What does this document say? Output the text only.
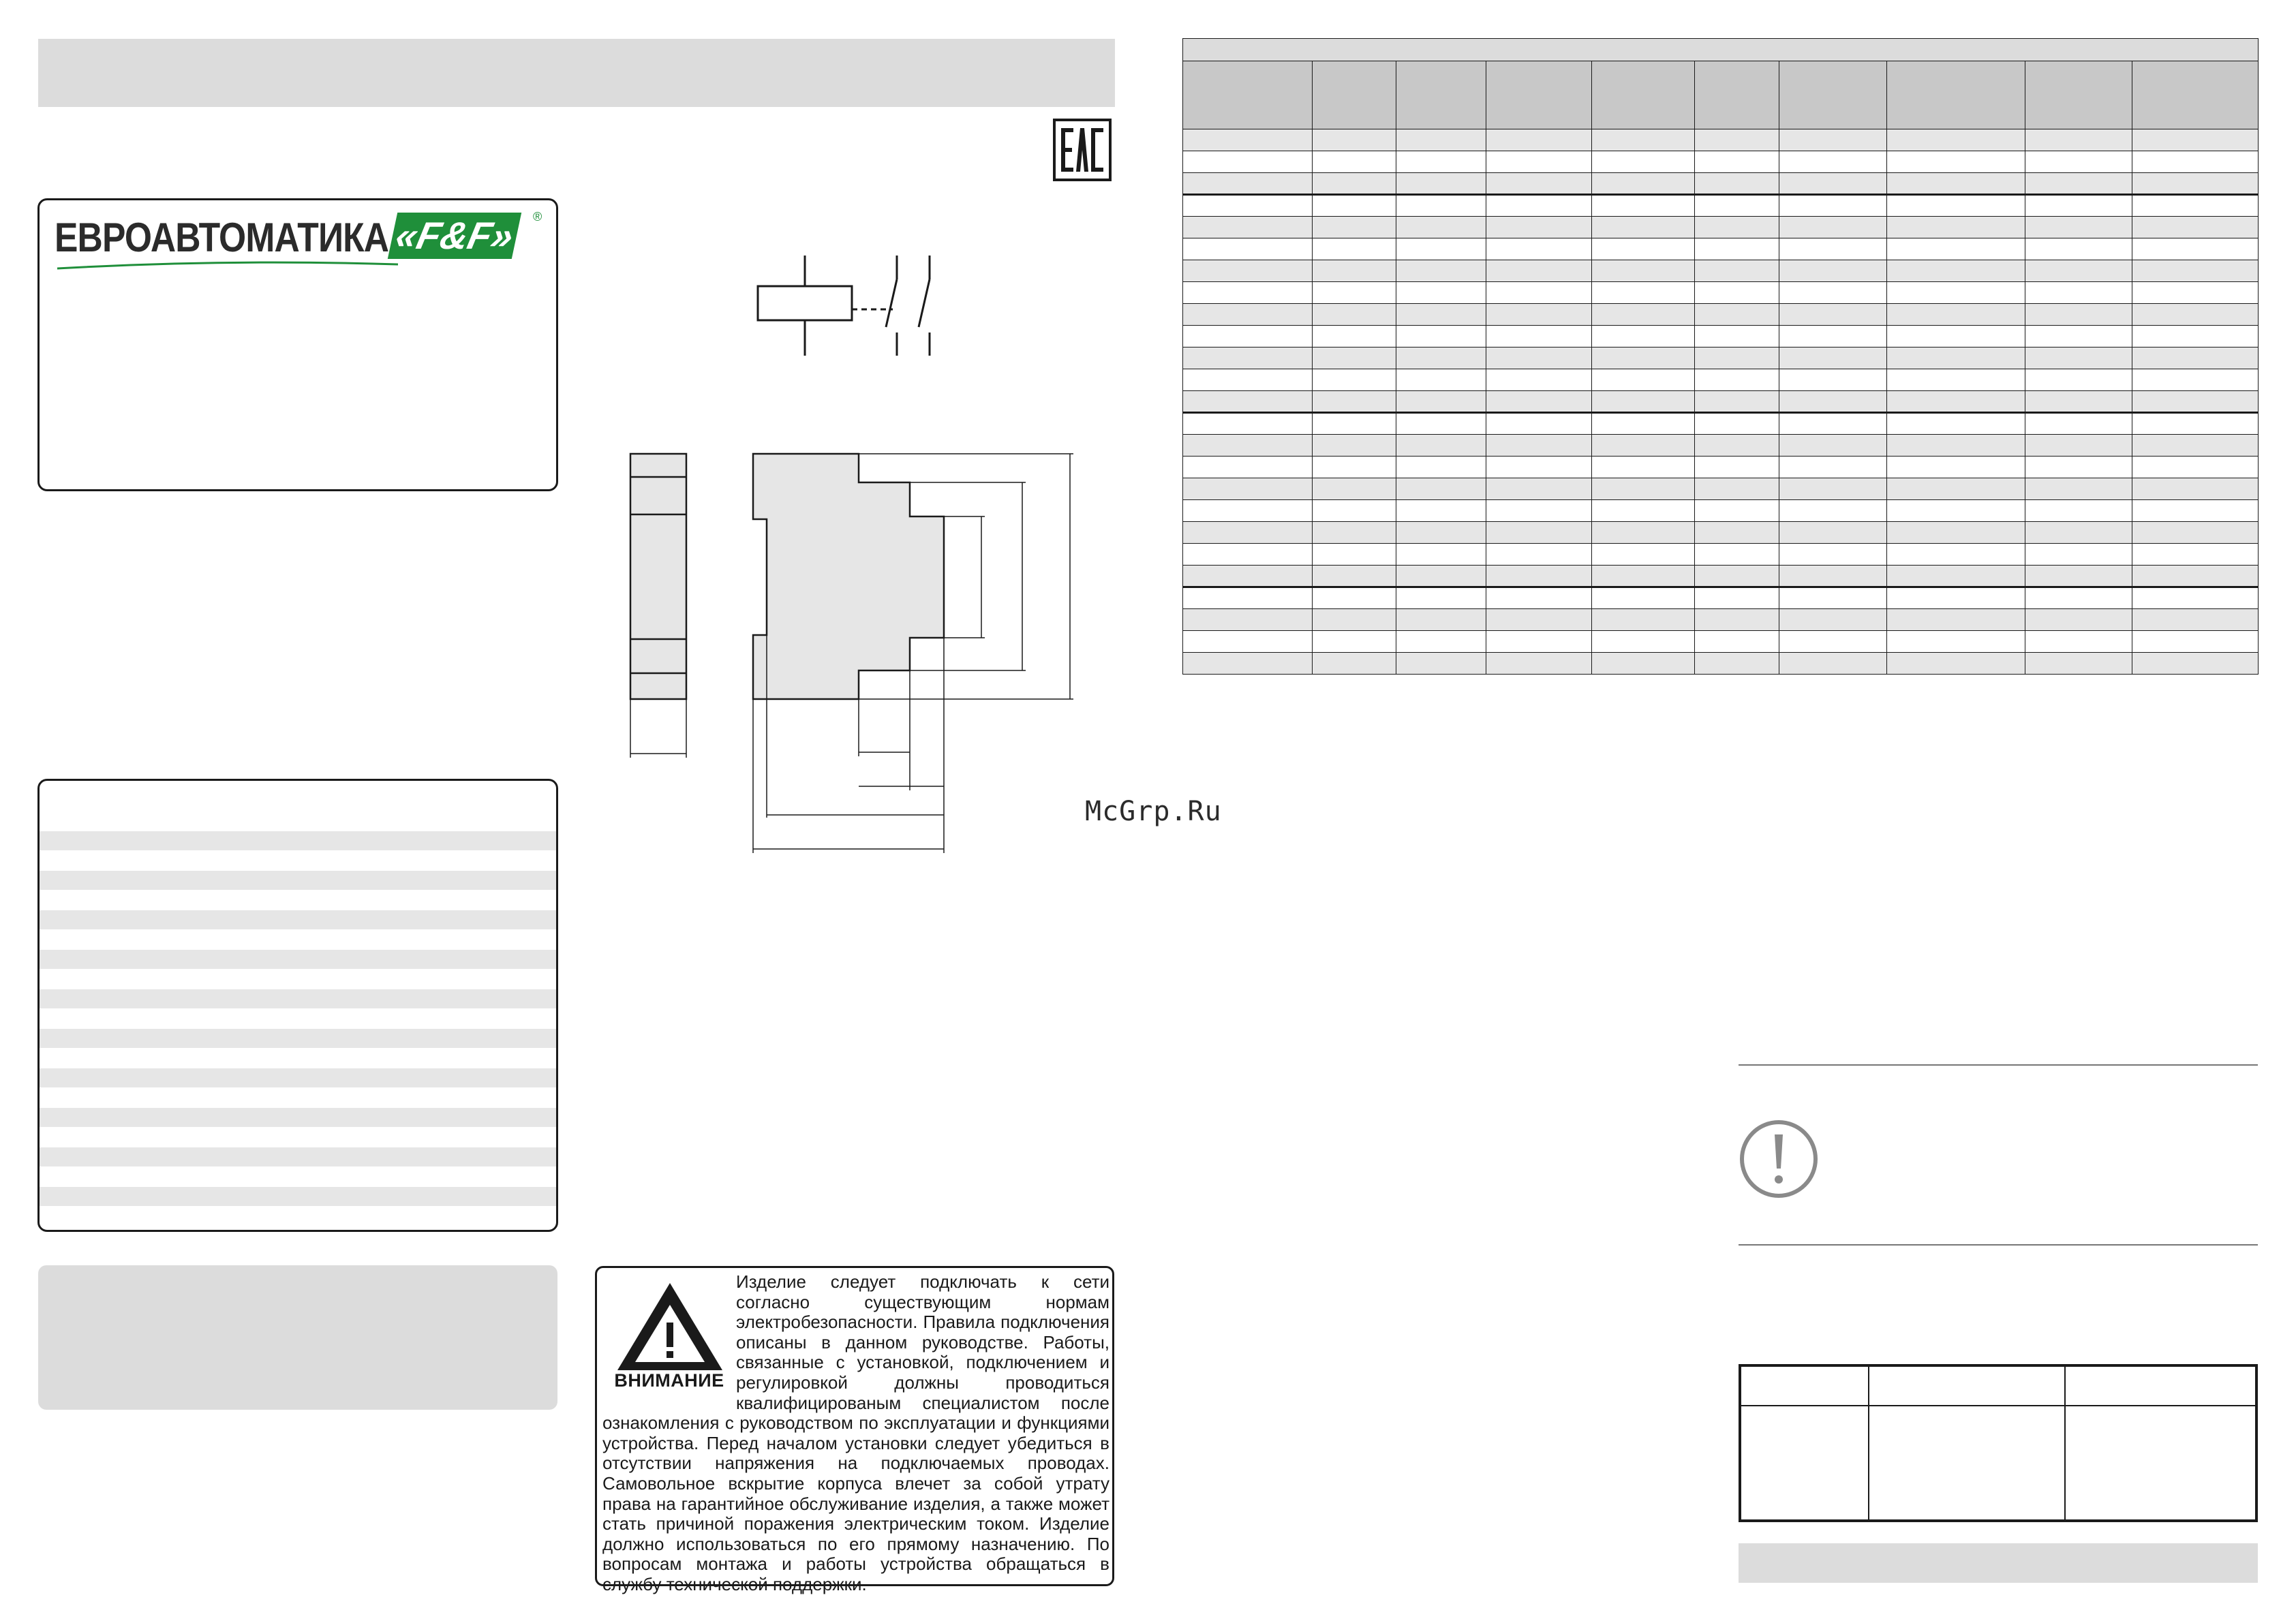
ЕВРОАВТОМАТИКА «F&F»	®
Изделие следует подключать к сети согласно существующим нормам электробезопасности. Правила подключения описаны в данном руководстве. Работы, связанные с установкой, подключением и регулировкой должны проводиться квалифицированым специалистом после ознакомления с руководством по эксплуатации и функциями устройства. Перед началом установки следует убедиться в отсутствии напряжения на подключаемых проводах. Самовольное вскрытие корпуса влечет за собой утрату права на гарантийное обслуживание изделия, а также может стать причиной поражения электрическим током. Изделие должно использоваться по его прямому назначению. По вопросам монтажа и работы устройства обращаться в службу технической поддержки.
ВНИМАНИЕ

McGrp.Ru
